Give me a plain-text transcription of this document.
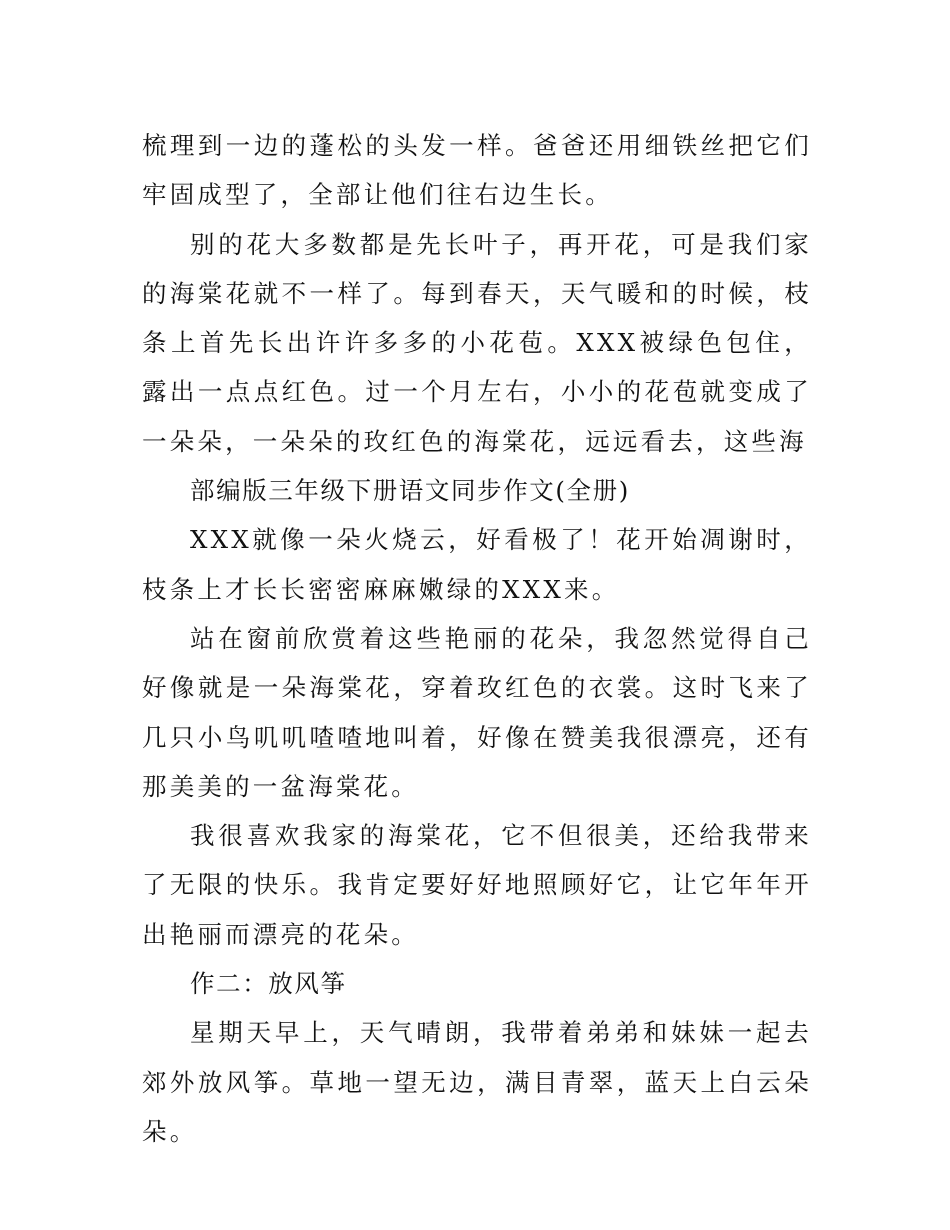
梳理到一边的蓬松的头发一样。爸爸还用细铁丝把它们牢固成型了，全部让他们往右边生长。

别的花大多数都是先长叶子，再开花，可是我们家的海棠花就不一样了。每到春天，天气暖和的时候，枝条上首先长出许许多多的小花苞。XXX被绿色包住，露出一点点红色。过一个月左右，小小的花苞就变成了一朵朵，一朵朵的玫红色的海棠花，远远看去，这些海

部编版三年级下册语文同步作文(全册)

XXX就像一朵火烧云，好看极了！花开始凋谢时，枝条上才长长密密麻麻嫩绿的XXX来。

站在窗前欣赏着这些艳丽的花朵，我忽然觉得自己好像就是一朵海棠花，穿着玫红色的衣裳。这时飞来了几只小鸟叽叽喳喳地叫着，好像在赞美我很漂亮，还有那美美的一盆海棠花。

我很喜欢我家的海棠花，它不但很美，还给我带来了无限的快乐。我肯定要好好地照顾好它，让它年年开出艳丽而漂亮的花朵。

作二：放风筝

星期天早上，天气晴朗，我带着弟弟和妹妹一起去郊外放风筝。草地一望无边，满目青翠，蓝天上白云朵朵。
